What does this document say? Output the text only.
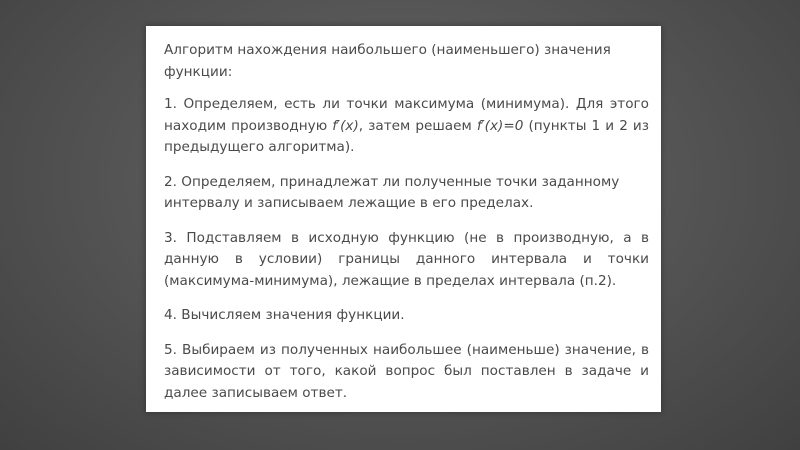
Алгоритм нахождения наибольшего (наименьшего) значения функции:
1. Определяем, есть ли точки максимума (минимума). Для этого находим производную f′(x), затем решаем f′(x)=0 (пункты 1 и 2 из предыдущего алгоритма).
2. Определяем, принадлежат ли полученные точки заданному интервалу и записываем лежащие в его пределах.
3. Подставляем в исходную функцию (не в производную, а в данную в условии) границы данного интервала и точки (максимума-минимума), лежащие в пределах интервала (п.2).
4. Вычисляем значения функции.
5. Выбираем из полученных наибольшее (наименьше) значение, в зависимости от того, какой вопрос был поставлен в задаче и далее записываем ответ.
